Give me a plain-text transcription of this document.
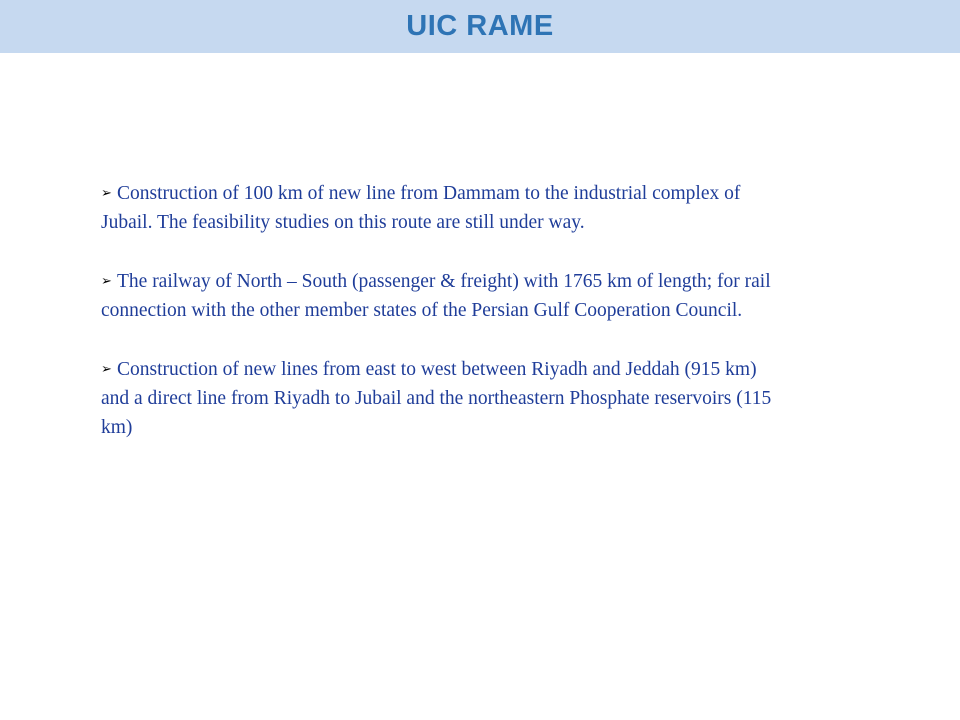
UIC RAME

➢ Construction of 100 km of new line from Dammam to the industrial complex of Jubail. The feasibility studies on this route are still under way.

➢ The railway of North – South (passenger & freight) with 1765 km of length; for rail connection with the other member states of the Persian Gulf Cooperation Council.

➢ Construction of new lines from east to west between Riyadh and Jeddah (915 km) and a direct line from Riyadh to Jubail and the northeastern Phosphate reservoirs (115 km)
